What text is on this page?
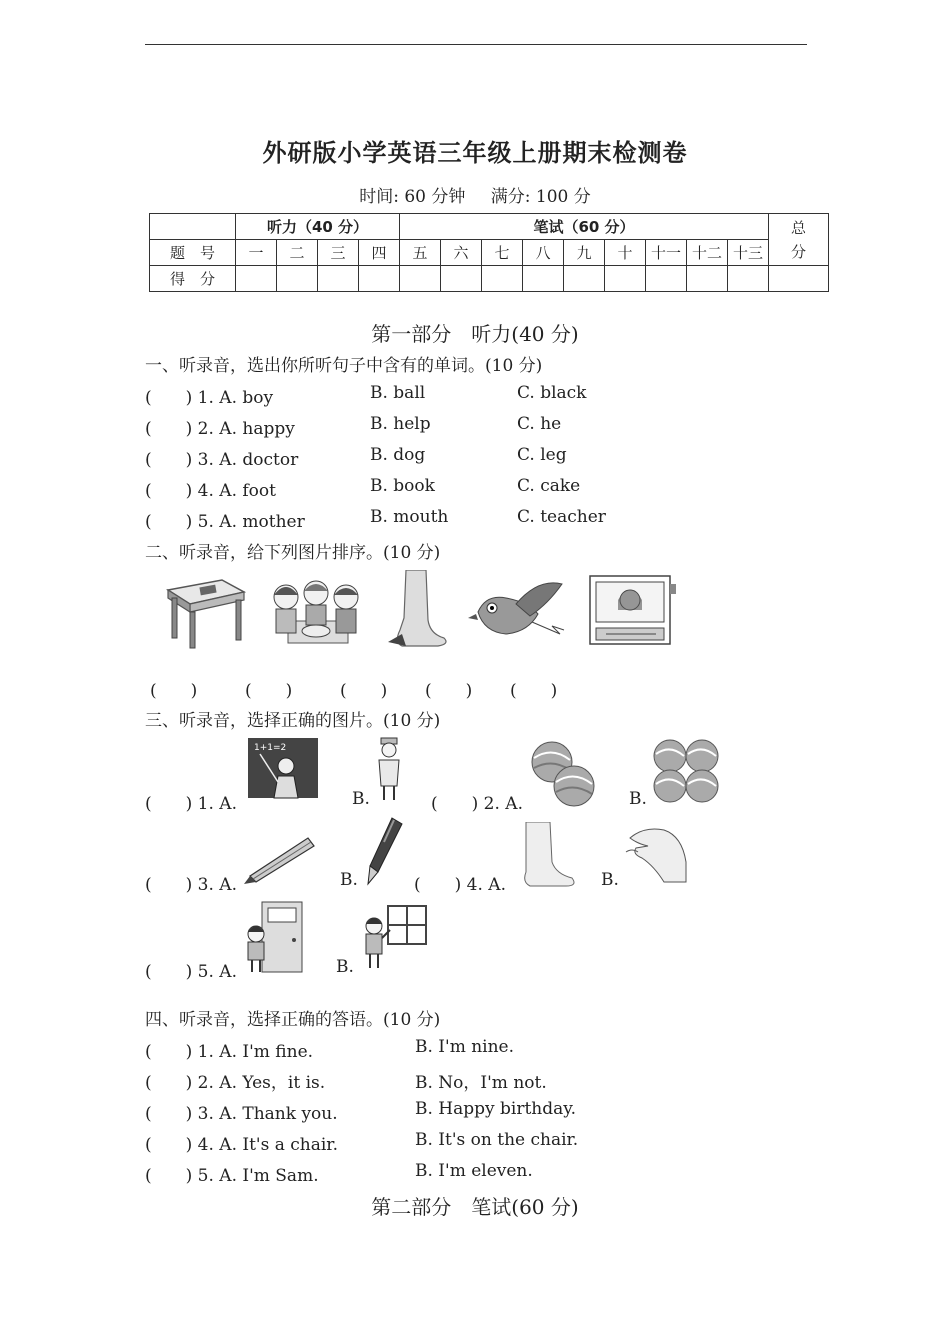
外研版小学英语三年级上册期末检测卷
时间: 60 分钟 满分: 100 分
	听力（40 分）				笔试（60 分）									总
分

题　号	一	二	三	四	五	六	七	八	九	十	十一	十二	十三	
得　分														
第一部分　听力(40 分)
一、听录音，选出你所听句子中含有的单词。(10 分)
(　　) 1. A. boy	B. ball	C. black
(　　) 2. A. happy	B. help	C. he
(　　) 3. A. doctor	B. dog	C. leg
(　　) 4. A. foot	B. book	C. cake
(　　) 5. A. mother	B. mouth	C. teacher
二、听录音，给下列图片排序。(10 分)
(　　)	(　　)	(　　) (　　) (　　)
三、听录音，选择正确的图片。(10 分)
(　　) 1. A.
1+1=2
B.	(　　) 2. A.	B.
(　　) 3. A.	B.	(　　) 4. A.	B.
(　　) 5. A.	B.
四、听录音，选择正确的答语。(10 分)
(　　) 1. A. I'm fine.	B. I'm nine.
(　　) 2. A. Yes，it is.	B. No，I'm not.
(　　) 3. A. Thank you.	B. Happy birthday.
(　　) 4. A. It's a chair.	B. It's on the chair.
(　　) 5. A. I'm Sam.	B. I'm eleven.
第二部分　笔试(60 分)
